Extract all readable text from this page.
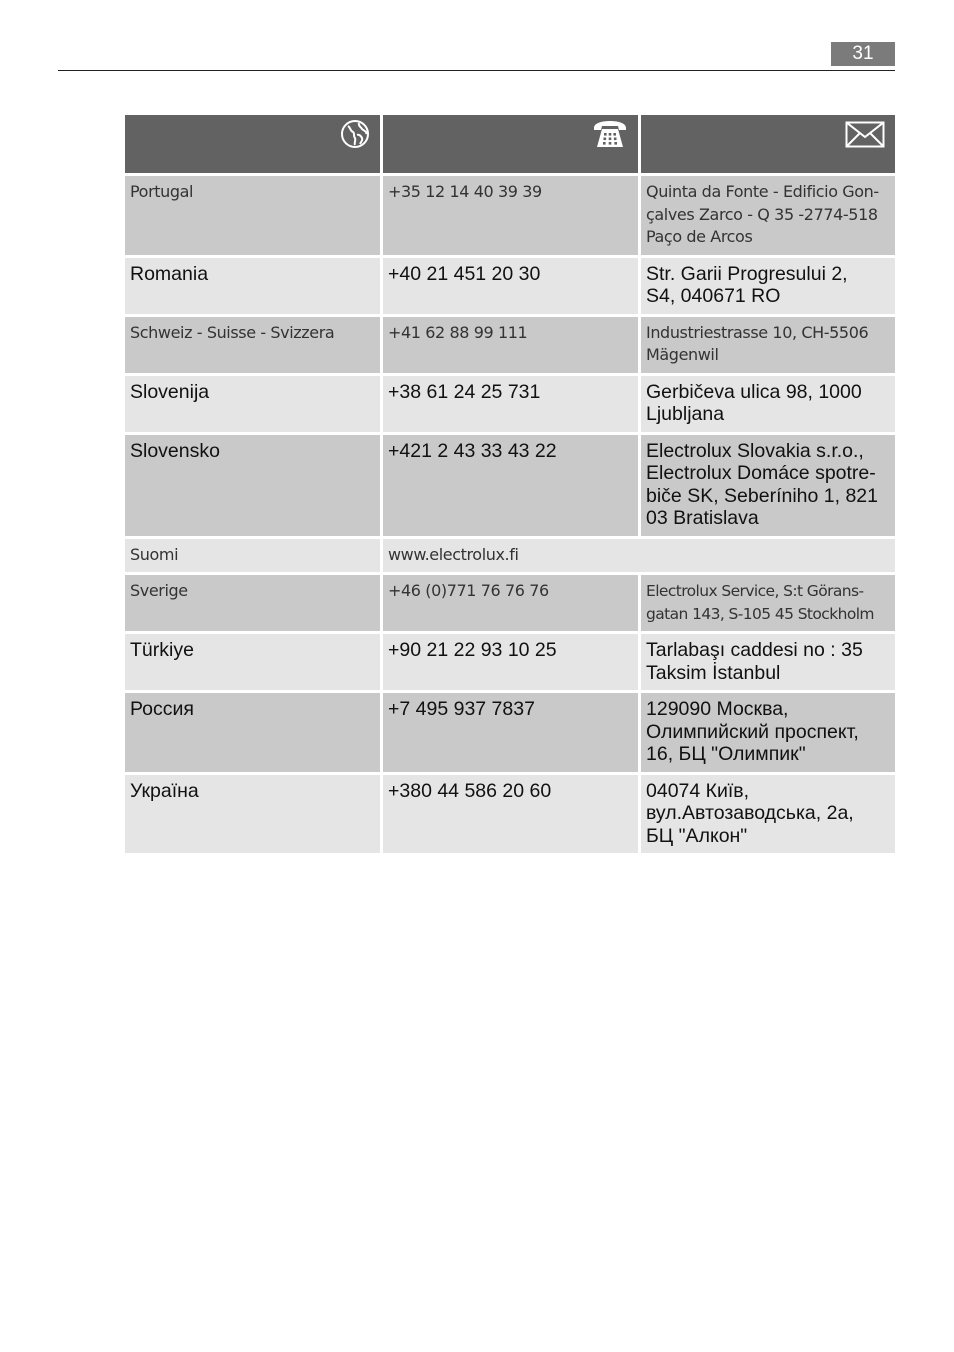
31

Portugal	+35 12 14 40 39 39	Quinta da Fonte - Edificio Gon-
çalves Zarco - Q 35 -2774-518
Paço de Arcos

Romania	+40 21 451 20 30	Str. Garii Progresului 2,
S4, 040671 RO

Schweiz - Suisse - Svizzera	+41 62 88 99 111	Industriestrasse 10, CH-5506
Mägenwil

Slovenija	+38 61 24 25 731	Gerbičeva ulica 98, 1000
Ljubljana

Slovensko	+421 2 43 33 43 22	Electrolux Slovakia s.r.o.,
Electrolux Domáce spotre-
biče SK, Seberíniho 1, 821
03 Bratislava

Suomi	www.electrolux.fi	

Sverige	+46 (0)771 76 76 76	Electrolux Service, S:t Görans-
gatan 143, S-105 45 Stockholm

Türkiye	+90 21 22 93 10 25	Tarlabaşı caddesi no : 35
Taksim İstanbul

Россия	+7 495 937 7837	129090 Москва,
Олимпийский проспект,
16, БЦ "Олимпик"

Україна	+380 44 586 20 60	04074 Київ,
вул.Автозаводська, 2а,
БЦ "Алкон"
